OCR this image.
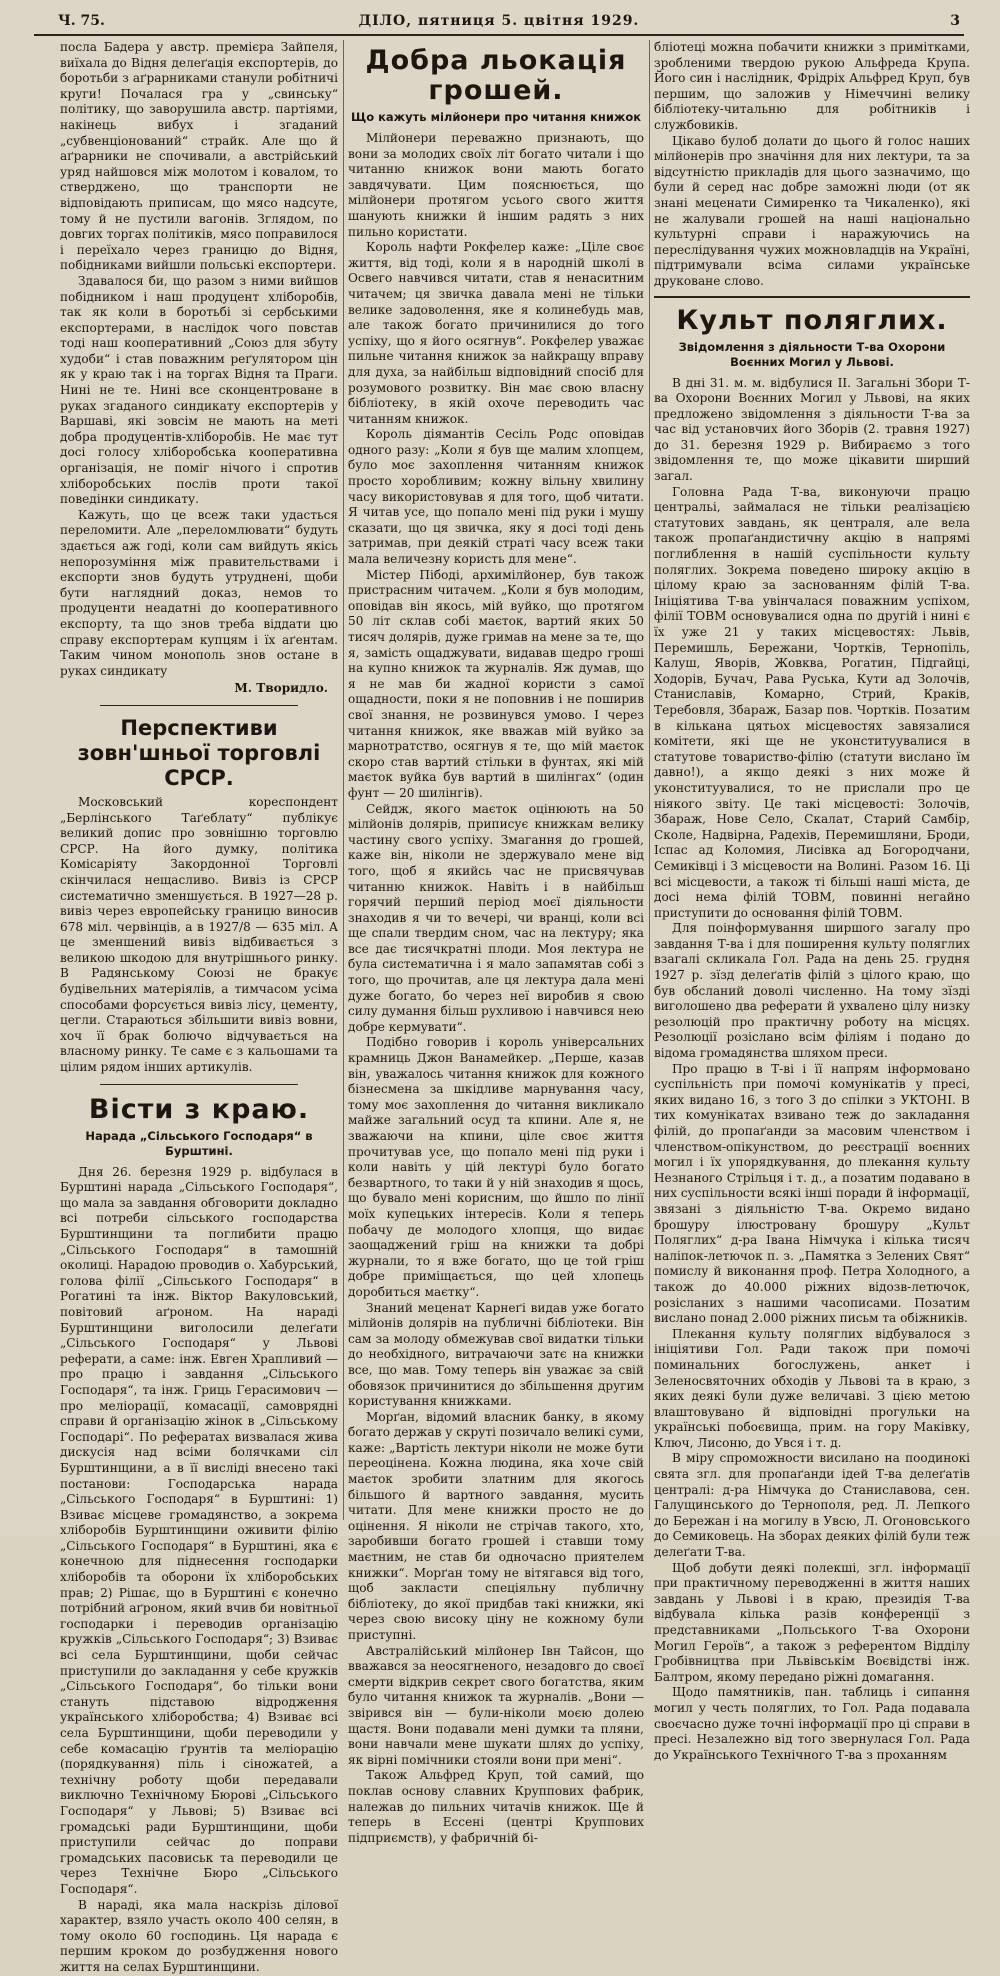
Ч. 75.	ДІЛО, пятниця 5. цвітня 1929.	3

посла Бадера у австр. премієра Зайпеля, виїхала до Відня делеґація експортерів, до боротьби з аґрарниками станули робітничі круги! Почалася гра у „свинську“ політику, що заворушила австр. партіями, накінець вибух і згаданий „субвенціонований“ страйк. Але що й аґрарники не спочивали, а австрійський уряд найшовся між молотом і ковалом, то стверджено, що транспорти не відповідають приписам, що мясо надсуте, тому й не пустили вагонів. Зглядом, по довгих торгах політиків, мясо поправилося і переїхало через границю до Відня, побідниками вийшли польські експортери.

Здавалося би, що разом з ними вийшов побідником і наш продуцент хліборобів, так як коли в боротьбі зі сербськими експортерами, в наслідок чого повстав тоді наш кооперативний „Союз для збуту худоби“ і став поважним реґулятором цін як у краю так і на торгах Відня та Праги. Нині не те. Нині все сконцентроване в руках згаданого синдикату експортерів у Варшаві, які зовсім не мають на меті добра продуцентів-хліборобів. Не має тут досі голосу хліборобська кооперативна організація, не поміг нічого і спротив хліборобських послів проти такої поведінки синдикату.

Кажуть, що це всеж таки удасться переломити. Але „переломлювати“ будуть здається аж годі, коли сам вийдуть якісь непорозуміння між правительствами і експорти знов будуть утруднені, щоби бути наглядний доказ, немов то продуценти неадатні до кооперативного експорту, та що знов треба віддати цю справу експортерам купцям і їх аґентам. Таким чином монополь знов остане в руках синдикату

М. Творидло.
Перспективи зовн'шньої торговлі СРСР.

Московський кореспондент „Берлінського Таґеблату“ публікує великий допис про зовнішню торговлю СРСР. На його думку, політика Комісаріяту Закордонної Торговлі скінчилася нещасливо. Вивіз із СРСР систематично зменшується. В 1927—28 р. вивіз через европейську границю виносив 678 міл. червінців, а в 1927/8 — 635 міл. А це зменшений вивіз відбивається з великою шкодою для внутрішнього ринку. В Радянському Союзі не бракує будівельних матеріялів, а тимчасом усіма способами форсується вивіз лісу, цементу, цегли. Стараються збільшити вивіз вовни, хоч її брак болючо відчувається на власному ринку. Те саме є з кальошами та цілим рядом інших артикулів.

Вісти з краю.
Нарада „Сільського Господаря“ в Бурштині.

Дня 26. березня 1929 р. відбулася в Бурштині нарада „Сільського Господаря“, що мала за завдання обговорити докладно всі потреби сільського господарства Бурштинщини та поглибити працю „Сільського Господаря“ в тамошній околиці. Нарадою проводив о. Хабурський, голова філії „Сільського Господаря“ в Рогатині та інж. Віктор Вакуловський, повітовий аґроном. На нараді Бурштинщини виголосили делеґати „Сільського Господаря“ у Львові реферати, а саме: інж. Евген Храпливий — про працю і завдання „Сільського Господаря“, та інж. Гриць Герасимович — про меліорації, комасації, самоврядні справи й організацію жінок в „Сільському Господарі“. По рефератах визвалася жива дискусія над всіми болячками сіл Бурштинщини, а в її висліді внесено такі постанови: Господарська нарада „Сільського Господаря“ в Бурштині: 1) Взиває місцеве громадянство, а зокрема хліборобів Бурштинщини оживити філію „Сільського Господаря“ в Бурштині, яка є конечною для піднесення господарки хліборобів та оборони їх хліборобських прав; 2) Рішає, що в Бурштині є конечно потрібний аґроном, який вчив би новітньої господарки і переводив організацію кружків „Сільського Господаря“; 3) Взиває всі села Бурштинщини, щоби сейчас приступили до закладання у себе кружків „Сільського Господаря“, бо тільки вони стануть підставою відродження українського хліборобства; 4) Взиває всі села Бурштинщини, щоби переводили у себе комасацію ґрунтів та меліорацію (порядкування) піль і сіножатей, а технічну роботу щоби передавали виключно Технічному Бюрові „Сільського Господаря“ у Львові; 5) Взиває всі громадські ради Бурштинщини, щоби приступили сейчас до поправи громадських пасовиськ та переводили це через Технічне Бюро „Сільського Господаря“.

В нараді, яка мала наскрізь ділової характер, взяло участь около 400 селян, в тому около 60 господинь. Ця нарада є першим кроком до розбудження нового життя на селах Бурштинщини.

Добра льокація грошей.
Що кажуть мілйонери про читання книжок

Мілйонери переважно признають, що вони за молодих своїх літ богато читали і що читанню книжок вони мають богато завдячувати. Цим пояснюється, що мілйонери протягом усього свого життя шанують книжки й іншим радять з них пильно користати.

Король нафти Рокфелер каже: „Ціле своє життя, від тоді, коли я в народній школі в Освего навчився читати, став я ненаситним читачем; ця звичка давала мені не тільки велике задоволення, яке я колинебудь мав, але також богато причинилися до того успіху, що я його осягнув“. Рокфелер уважає пильне читання книжок за найкращу вправу для духа, за найбільш відповідний спосіб для розумового розвитку. Він має свою власну бібліотеку, в якій охоче переводить час читанням книжок.

Король діямантів Сесіль Родс оповідав одного разу: „Коли я був ще малим хлопцем, було моє захоплення читанням книжок просто хоробливим; кожну вільну хвилину часу використовував я для того, щоб читати. Я читав усе, що попало мені під руки і мушу сказати, що ця звичка, яку я досі тоді день затримав, при деякій страті часу всеж таки мала величезну користь для мене“.

Містер Пібоді, архимілйонер, був також пристрасним читачем. „Коли я був молодим, оповідав він якось, мій вуйко, що протягом 50 літ склав собі маєток, вартий яких 50 тисяч долярів, дуже гримав на мене за те, що я, замість ощаджувати, видавав щедро гроші на купно книжок та журналів. Яж думав, що я не мав би жадної користи з самої ощадности, поки я не поповнив і не поширив свої знання, не розвинувся умово. І через читання книжок, яке вважав мій вуйко за марнотратство, осягнув я те, що мій маєток скоро став вартий стільки в фунтах, які мій маєток вуйка був вартий в шилінгах“ (один фунт — 20 шилінгів).

Сейдж, якого маєток оцінюють на 50 мілйонів долярів, приписує книжкам велику частину свого успіху. Змагання до грошей, каже він, ніколи не здержувало мене від того, щоб я якийсь час не присвячував читанню книжок. Навіть і в найбільш горячий перший період моєї діяльности знаходив я чи то вечері, чи вранці, коли всі ще спали твердим сном, час на лектуру; яка все дає тисячкратні плоди. Моя лектура не була систематична і я мало запамятав собі з того, що прочитав, але ця лектура дала мені дуже богато, бо через неї виробив я свою силу думання більш рухливою і навчився нею добре кермувати“.

Подібно говорив і король універсальних крамниць Джон Ванамейкер. „Перше, казав він, уважалось читання книжок для кожного бізнесмена за шкідливе марнування часу, тому моє захоплення до читання викликало майже загальний осуд та кпини. Але я, не зважаючи на кпини, ціле своє життя прочитував усе, що попало мені під руки і коли навіть у цій лектурі було богато безвартного, то таки й у ній знаходив я щось, що бувало мені корисним, що йшло по лінії моїх купецьких інтересів. Коли я теперь побачу де молодого хлопця, що видає заощаджений гріш на книжки та добрі журнали, то я вже богато, що це той гріш добре приміщається, що цей хлопець доробиться маєтку“.

Знаний меценат Карнеґі видав уже богато мілйонів долярів на публичні бібліотеки. Він сам за молоду обмежував свої видатки тільки до необхідного, витрачаючи затє на книжки все, що мав. Тому теперь він уважає за свій обовязок причинитися до збільшення другим користування книжками.

Морґан, відомий власник банку, в якому богато держав у скруті позичало великі суми, каже: „Вартість лектури ніколи не може бути переоцінена. Кожна людина, яка хоче свій маєток зробити златним для якогось більшого й вартного завдання, мусить читати. Для мене книжки просто не до оцінення. Я ніколи не стрічав такого, хто, заробивши богато грошей і ставши тому маєтним, не став би одночасно приятелем книжки“. Морґан тому не вітягався від того, щоб закласти спеціяльну публичну бібліотеку, до якої придбав такі книжки, які через свою високу ціну не кожному були приступні.

Австралійський мілйонер Івн Тайсон, що вважався за неосягненого, незадовго до своєї смерти відкрив секрет свого богатства, яким було читання книжок та журналів. „Вони — звірився він — були-ніколи моєю долею щастя. Вони подавали мені думки та пляни, вони навчали мене шукати шлях до успіху, як вірні помічники стояли вони при мені“.

Також Альфред Круп, той самий, що поклав основу славних Круппових фабрик, належав до пильних читачів книжок. Ще й теперь в Ессені (центрі Круппових підприємств), у фабричній бі-

бліотеці можна побачити книжки з примітками, зробленими твердою рукою Альфреда Крупа. Його син і наслідник, Фрідріх Альфред Круп, був першим, що заложив у Німеччині велику бібліотеку-читальню для робітників і службовиків.

Цікаво булоб долати до цього й голос наших мілйонерів про значіння для них лектури, та за відсутністю прикладів для цього зазначимо, що були й серед нас добре заможні люди (от як знані меценати Симиренко та Чикаленко), які не жалували грошей на наші національно культурні справи і наражуючись на переслідування чужих можновладців на Україні, підтримували всіма силами українське друковане слово.

Культ поляглих.
Звідомлення з діяльности Т-ва Охорони Воєнних Могил у Львові.

В дні 31. м. м. відбулися II. Загальні Збори Т-ва Охорони Воєнних Могил у Львові, на яких предложено звідомлення з діяльности Т-ва за час від установчих його Зборів (2. травня 1927) до 31. березня 1929 р. Вибираємо з того звідомлення те, що може цікавити ширший загал.

Головна Рада Т-ва, виконуючи працю центральі, займалася не тільки реалізацією статутових завдань, як централя, але вела також пропаґандистичну акцію в напрямі поглиблення в нашій суспільности культу поляглих. Зокрема поведено широку акцію в цілому краю за заснованням філій Т-ва. Ініціятива Т-ва увінчалася поважним успіхом, філії ТОВМ основувалися одна по другій і нині є їх уже 21 у таких місцевостях: Львів, Перемишль, Бережани, Чортків, Тернопіль, Калуш, Яворів, Жовква, Рогатин, Підгайці, Ходорів, Бучач, Рава Руська, Кути ад Золочів, Станиславів, Комарно, Стрий, Краків, Теребовля, Збараж, Базар пов. Чортків. Позатим в кількана цятьох місцевостях завязалися комітети, які ще не уконституувалися в статутове товариство-філію (статути вислано їм давно!), а якщо деякі з них може й уконституувалися, то не прислали про це ніякого звіту. Це такі місцевості: Золочів, Збараж, Нове Село, Скалат, Старий Самбір, Сколе, Надвірна, Радехів, Перемишляни, Броди, Іспас ад Коломия, Лисівка ад Богородчани, Семиківці і 3 місцевости на Волині. Разом 16. Ці всі місцевости, а також ті більші наші міста, де досі нема філій ТОВМ, повинні негайно приступити до основання філій ТОВМ.

Для поінформування ширшого загалу про завдання Т-ва і для поширення культу поляглих взагалі скликала Гол. Рада на день 25. грудня 1927 р. зїзд делеґатів філій з цілого краю, що був обсланий доволі численно. На тому зїзді виголошено два реферати й ухвалено цілу низку резолюцій про практичну роботу на місцях. Резолюції розіслано всім філіям і подано до відома громадянства шляхом преси.

Про працю в Т-ві і її напрям інформовано суспільність при помочі комунікатів у пресі, яких видано 16, з того 3 до спілки з УКТОНІ. В тих комунікатах взивано теж до закладання філій, до пропаґанди за масовим членством і членством-опікунством, до реєстрації воєнних могил і їх упорядкування, до плекання культу Незнаного Стрільця і т. д., а позатим подавано в них суспільности всякі інші поради й інформації, звязані з діяльністю Т-ва. Окремо видано брошуру ілюстровану брошуру „Культ Поляглих“ д-ра Івана Німчука і кілька тисяч наліпок-летючок п. з. „Памятка з Зелених Свят“ помислу й виконання проф. Петра Холодного, а також до 40.000 ріжних відозв-летючок, розісланих з нашими часописами. Позатим вислано понад 2.000 ріжних письм та обіжників.

Плекання культу поляглих відбувалося з ініціятиви Гол. Ради також при помочі поминальних богослужень, анкет і Зеленосвяточних обходів у Львові та в краю, з яких деякі були дуже величаві. З цією метою влаштовувано й відповідні прогульки на українські побоєвища, прим. на гору Маківку, Ключ, Лисоню, до Увся і т. д.

В міру спроможности висилано на поодинокі свята згл. для пропаґанди ідей Т-ва делеґатів централі: д-ра Німчука до Станиславова, сен. Галущинського до Тернополя, ред. Л. Лепкого до Бережан і на могилу в Увсю, Л. Огоновського до Семиковець. На зборах деяких філій були теж делеґати Т-ва.

Щоб добути деякі полекші, згл. інформації при практичному переводженні в життя наших завдань у Львові і в краю, президія Т-ва відбувала кілька разів конференції з представниками „Польського Т-ва Охорони Могил Героїв“, а також з референтом Відділу Гробівництва при Львівськім Воєвідстві інж. Балтром, якому передано ріжні домагання.

Щодо памятників, пан. таблиць і сипання могил у честь поляглих, то Гол. Рада подавала своєчасно дуже точні інформації про ці справи в пресі. Незалежно від того звернулася Гол. Рада до Українського Технічного Т-ва з проханням
